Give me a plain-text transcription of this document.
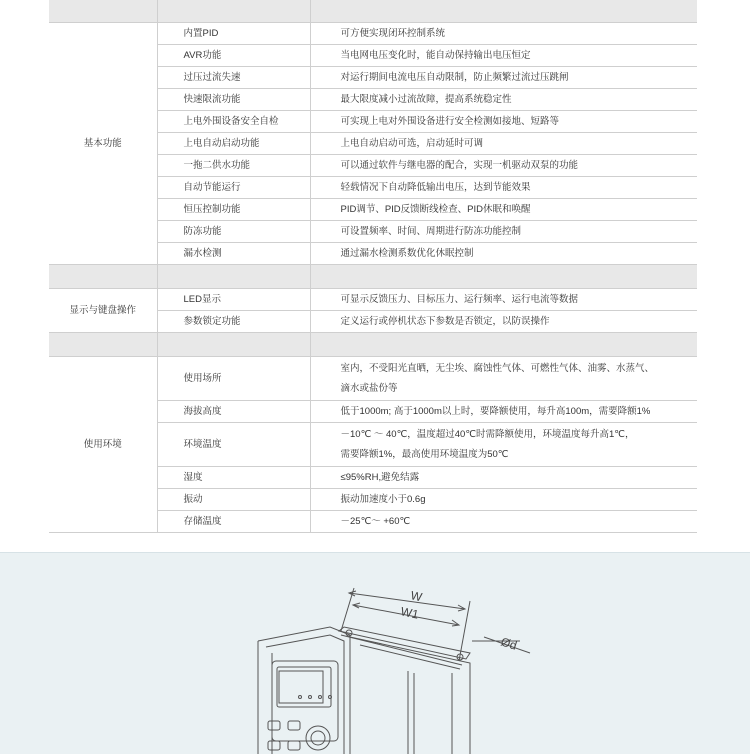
基本功能	内置PID	可方便实现闭环控制系统

	AVR功能	当电网电压变化时，能自动保持输出电压恒定

	过压过流失速	对运行期间电流电压自动限制，防止频繁过流过压跳闸

	快速限流功能	最大限度减小过流故障，提高系统稳定性

	上电外围设备安全自检	可实现上电对外围设备进行安全检测如接地、短路等

	上电自动启动功能	上电自动启动可选，启动延时可调

	一拖二供水功能	可以通过软件与继电器的配合，实现一机驱动双泵的功能

	自动节能运行	轻载情况下自动降低输出电压，达到节能效果

	恒压控制功能	PID调节、PID反馈断线检查、PID休眠和唤醒

	防冻功能	可设置频率、时间、周期进行防冻功能控制

	漏水检测	通过漏水检测系数优化休眠控制

显示与键盘操作	LED显示	可显示反馈压力、目标压力、运行频率、运行电流等数据

	参数锁定功能	定义运行或停机状态下参数是否锁定，以防误操作

使用环境	使用场所	室内，不受阳光直晒，无尘埃、腐蚀性气体、可燃性气体、油雾、水蒸气、
滴水或盐份等

	海拔高度	低于1000m; 高于1000m以上时，要降额使用，每升高100m，需要降额1%

	环境温度	－10℃ ～ 40℃，温度超过40℃时需降额使用，环境温度每升高1℃，
需要降额1%，最高使用环境温度为50℃

	湿度	≤95%RH,避免结露

	振动	振动加速度小于0.6g

	存储温度	－25℃～ +60℃
W
W1
Ød
